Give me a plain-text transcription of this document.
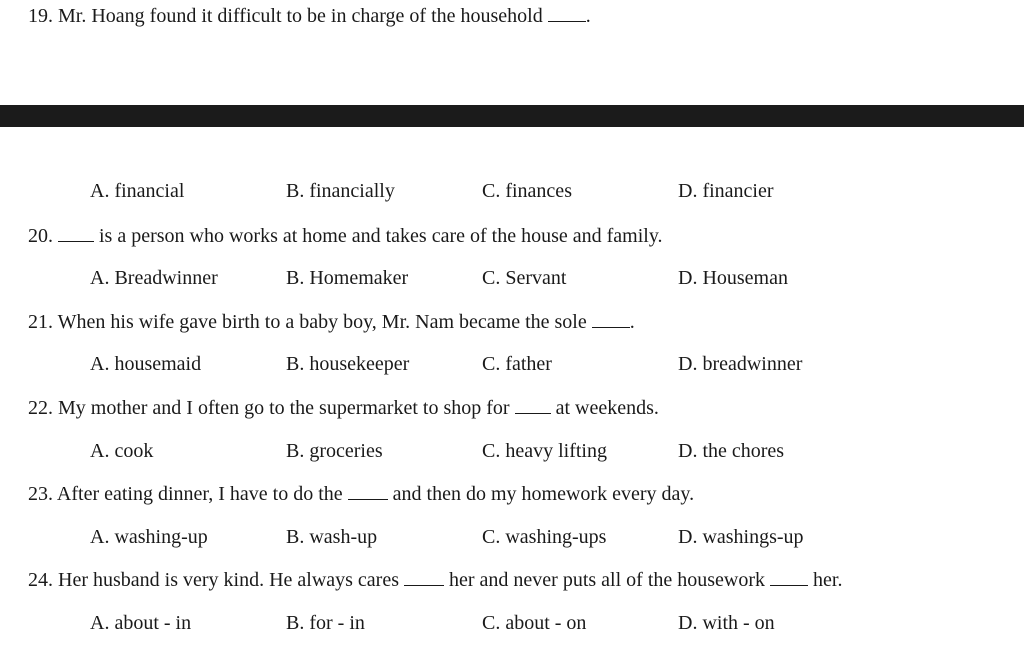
19. Mr. Hoang found it difficult to be in charge of the household .
A. financial	B. financially	C. finances	D. financier
20. is a person who works at home and takes care of the house and family.
A. Breadwinner	B. Homemaker	C. Servant	D. Houseman
21. When his wife gave birth to a baby boy, Mr. Nam became the sole .
A. housemaid	B. housekeeper	C. father	D. breadwinner
22. My mother and I often go to the supermarket to shop for at weekends.
A. cook	B. groceries	C. heavy lifting	D. the chores
23. After eating dinner, I have to do the	and then do my homework every day.
A. washing-up	B. wash-up	C. washing-ups	D. washings-up
24. Her husband is very kind. He always cares	her and never puts all of the housework her.
A. about - in	B. for - in	C. about - on	D. with - on
